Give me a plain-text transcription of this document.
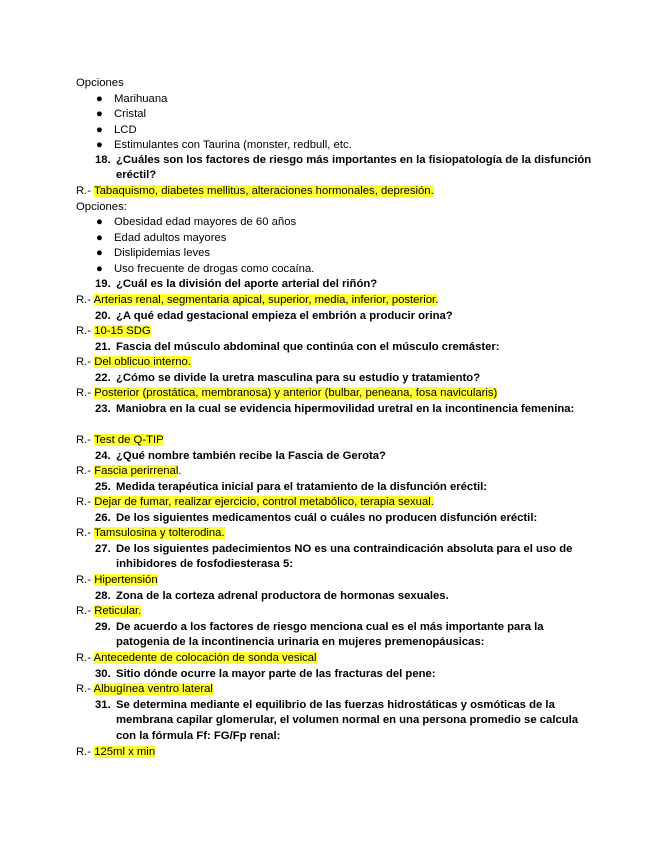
Opciones
● Marihuana
● Cristal
● LCD
● Estimulantes con Taurina (monster, redbull, etc.
18. ¿Cuáles son los factores de riesgo más importantes en la fisiopatología de la disfunción eréctil?
R.- Tabaquismo, diabetes mellitus, alteraciones hormonales, depresión.
Opciones:
● Obesidad edad mayores de 60 años
● Edad adultos mayores
● Dislipidemias leves
● Uso frecuente de drogas como cocaína.
19. ¿Cuál es la división del aporte arterial del riñón?
R.- Arterias renal, segmentaria apical, superior, media, inferior, posterior.
20. ¿A qué edad gestacional empieza el embrión a producir orina?
R.- 10-15 SDG
21. Fascia del músculo abdominal que continúa con el músculo cremáster:
R.- Del oblicuo interno.
22. ¿Cómo se divide la uretra masculina para su estudio y tratamiento?
R.- Posterior (prostática, membranosa) y anterior (bulbar, peneana, fosa navicularis)
23. Maniobra en la cual se evidencia hipermovilidad uretral en la incontinencia femenina:
R.- Test de Q-TIP
24. ¿Qué nombre también recibe la Fascia de Gerota?
R.- Fascia perirrenal.
25. Medida terapéutica inicial para el tratamiento de la disfunción eréctil:
R.- Dejar de fumar, realizar ejercicio, control metabólico, terapia sexual.
26. De los siguientes medicamentos cuál o cuáles no producen disfunción eréctil:
R.- Tamsulosina y tolterodina.
27. De los siguientes padecimientos NO es una contraindicación absoluta para el uso de inhibidores de fosfodiesterasa 5:
R.- Hipertensión
28. Zona de la corteza adrenal productora de hormonas sexuales.
R.- Reticular.
29. De acuerdo a los factores de riesgo menciona cual es el más importante para la patogenia de la incontinencia urinaria en mujeres premenopáusicas:
R.- Antecedente de colocación de sonda vesical
30. Sitio dónde ocurre la mayor parte de las fracturas del pene:
R.- Albugínea ventro lateral
31. Se determina mediante el equilibrio de las fuerzas hidrostáticas y osmóticas de la membrana capilar glomerular, el volumen normal en una persona promedio se calcula con la fórmula Ff: FG/Fp renal:
R.- 125ml x min
